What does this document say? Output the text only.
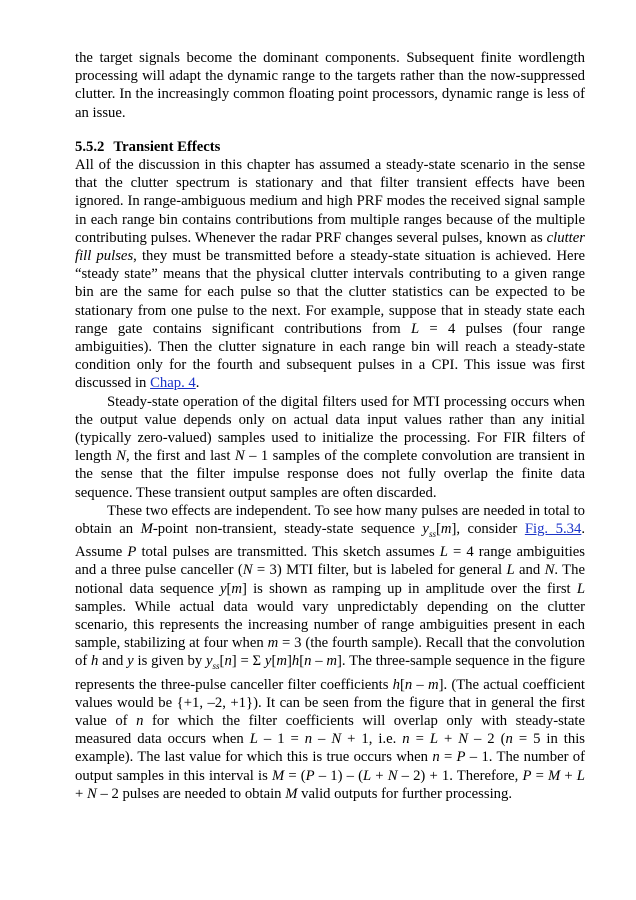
the target signals become the dominant components. Subsequent finite wordlength processing will adapt the dynamic range to the targets rather than the now-suppressed clutter. In the increasingly common floating point processors, dynamic range is less of an issue.

5.5.2 Transient Effects

All of the discussion in this chapter has assumed a steady-state scenario in the sense that the clutter spectrum is stationary and that filter transient effects have been ignored. In range-ambiguous medium and high PRF modes the received signal sample in each range bin contains contributions from multiple ranges because of the multiple contributing pulses. Whenever the radar PRF changes several pulses, known as clutter fill pulses, they must be transmitted before a steady-state situation is achieved. Here “steady state” means that the physical clutter intervals contributing to a given range bin are the same for each pulse so that the clutter statistics can be expected to be stationary from one pulse to the next. For example, suppose that in steady state each range gate contains significant contributions from L = 4 pulses (four range ambiguities). Then the clutter signature in each range bin will reach a steady-state condition only for the fourth and subsequent pulses in a CPI. This issue was first discussed in Chap. 4.

Steady-state operation of the digital filters used for MTI processing occurs when the output value depends only on actual data input values rather than any initial (typically zero-valued) samples used to initialize the processing. For FIR filters of length N, the first and last N – 1 samples of the complete convolution are transient in the sense that the filter impulse response does not fully overlap the finite data sequence. These transient output samples are often discarded.

These two effects are independent. To see how many pulses are needed in total to obtain an M-point non-transient, steady-state sequence $y_{ss}[m]$, consider Fig. 5.34. Assume P total pulses are transmitted. This sketch assumes L = 4 range ambiguities and a three pulse canceller (N = 3) MTI filter, but is labeled for general L and N. The notional data sequence y[m] is shown as ramping up in amplitude over the first L samples. While actual data would vary unpredictably depending on the clutter scenario, this represents the increasing number of range ambiguities present in each sample, stabilizing at four when m = 3 (the fourth sample). Recall that the convolution of h and y is given by $y_{ss}[n] = \Sigma$ y[m]h[n – m]. The three-sample sequence in the figure represents the three-pulse canceller filter coefficients h[n – m]. (The actual coefficient values would be {+1, –2, +1}). It can be seen from the figure that in general the first value of n for which the filter coefficients will overlap only with steady-state measured data occurs when L – 1 = n – N + 1, i.e. n = L + N – 2 (n = 5 in this example). The last value for which this is true occurs when n = P – 1. The number of output samples in this interval is M = (P – 1) – (L + N – 2) + 1. Therefore, P = M + L + N – 2 pulses are needed to obtain M valid outputs for further processing.
